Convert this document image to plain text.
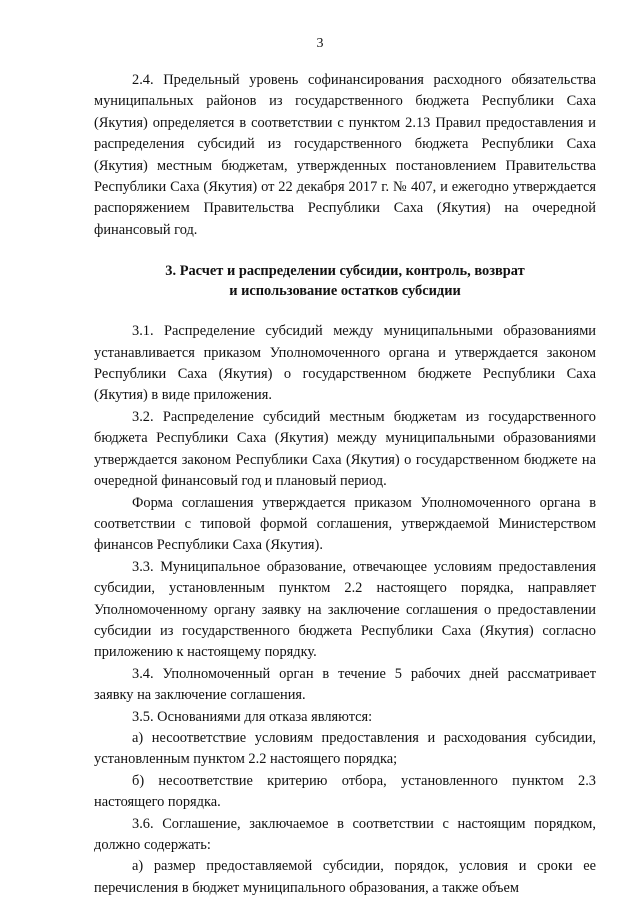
3

2.4. Предельный уровень софинансирования расходного обязательства муниципальных районов из государственного бюджета Республики Саха (Якутия) определяется в соответствии с пунктом 2.13 Правил предоставления и распределения субсидий из государственного бюджета Республики Саха (Якутия) местным бюджетам, утвержденных постановлением Правительства Республики Саха (Якутия) от 22 декабря 2017 г. № 407, и ежегодно утверждается распоряжением Правительства Республики Саха (Якутия) на очередной финансовый год.

3. Расчет и распределении субсидии, контроль, возврат
и использование остатков субсидии

3.1. Распределение субсидий между муниципальными образованиями устанавливается приказом Уполномоченного органа и утверждается законом Республики Саха (Якутия) о государственном бюджете Республики Саха (Якутия) в виде приложения.

3.2. Распределение субсидий местным бюджетам из государственного бюджета Республики Саха (Якутия) между муниципальными образованиями утверждается законом Республики Саха (Якутия) о государственном бюджете на очередной финансовый год и плановый период.

Форма соглашения утверждается приказом Уполномоченного органа в соответствии с типовой формой соглашения, утверждаемой Министерством финансов Республики Саха (Якутия).

3.3. Муниципальное образование, отвечающее условиям предоставления субсидии, установленным пунктом 2.2 настоящего порядка, направляет Уполномоченному органу заявку на заключение соглашения о предоставлении субсидии из государственного бюджета Республики Саха (Якутия) согласно приложению к настоящему порядку.

3.4. Уполномоченный орган в течение 5 рабочих дней рассматривает заявку на заключение соглашения.

3.5. Основаниями для отказа являются:

а) несоответствие условиям предоставления и расходования субсидии, установленным пунктом 2.2 настоящего порядка;

б) несоответствие критерию отбора, установленного пунктом 2.3 настоящего порядка.

3.6. Соглашение, заключаемое в соответствии с настоящим порядком, должно содержать:

а) размер предоставляемой субсидии, порядок, условия и сроки ее перечисления в бюджет муниципального образования, а также объем
